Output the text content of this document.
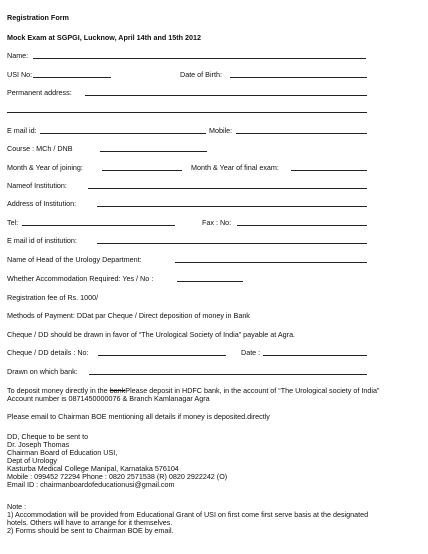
Registration Form
Mock Exam at SGPGI, Lucknow, April 14th and 15th 2012
Name:
USI No:	Date of Birth:
Permanent address:
E mail id:	Mobile:
Course : MCh / DNB
Month & Year of joining:	Month & Year of final exam:
Nameof Institution:
Address of Institution:
Tel:	Fax : No:
E mail id of institution:
Name of Head of the Urology Department:
Whether Accommodation Required: Yes / No :
Registration fee of Rs. 1000/
Methods of Payment: DDat par Cheque / Direct deposition of money in Bank
Cheque / DD should be drawn in favor of “The Urological Society of India” payable at Agra.
Cheque / DD details : No:	Date :
Drawn on which bank:
To deposit money directly in the bankPlease deposit in HDFC bank, in the account of “The Urological society of India”
Account number is 0871450000076 & Branch Kamlanagar Agra
Please email to Chairman BOE mentioning all details if money is deposited.directly
DD, Cheque to be sent to
Dr. Joseph Thomas
Chairman Board of Education USI,
Dept of Urology
Kasturba Medical College Manipal, Karnataka 576104
Mobile : 099452 72294 Phone : 0820 2571538 (R) 0820 2922242 (O)
Email ID : chairmanboardofeducationusi@gmail.com
Note :
1) Accommodation will be provided from Educational Grant of USI on first come first serve basis at the designated
hotels. Others will have to arrange for it themselves.
2) Forms should be sent to Chairman BOE by email.
